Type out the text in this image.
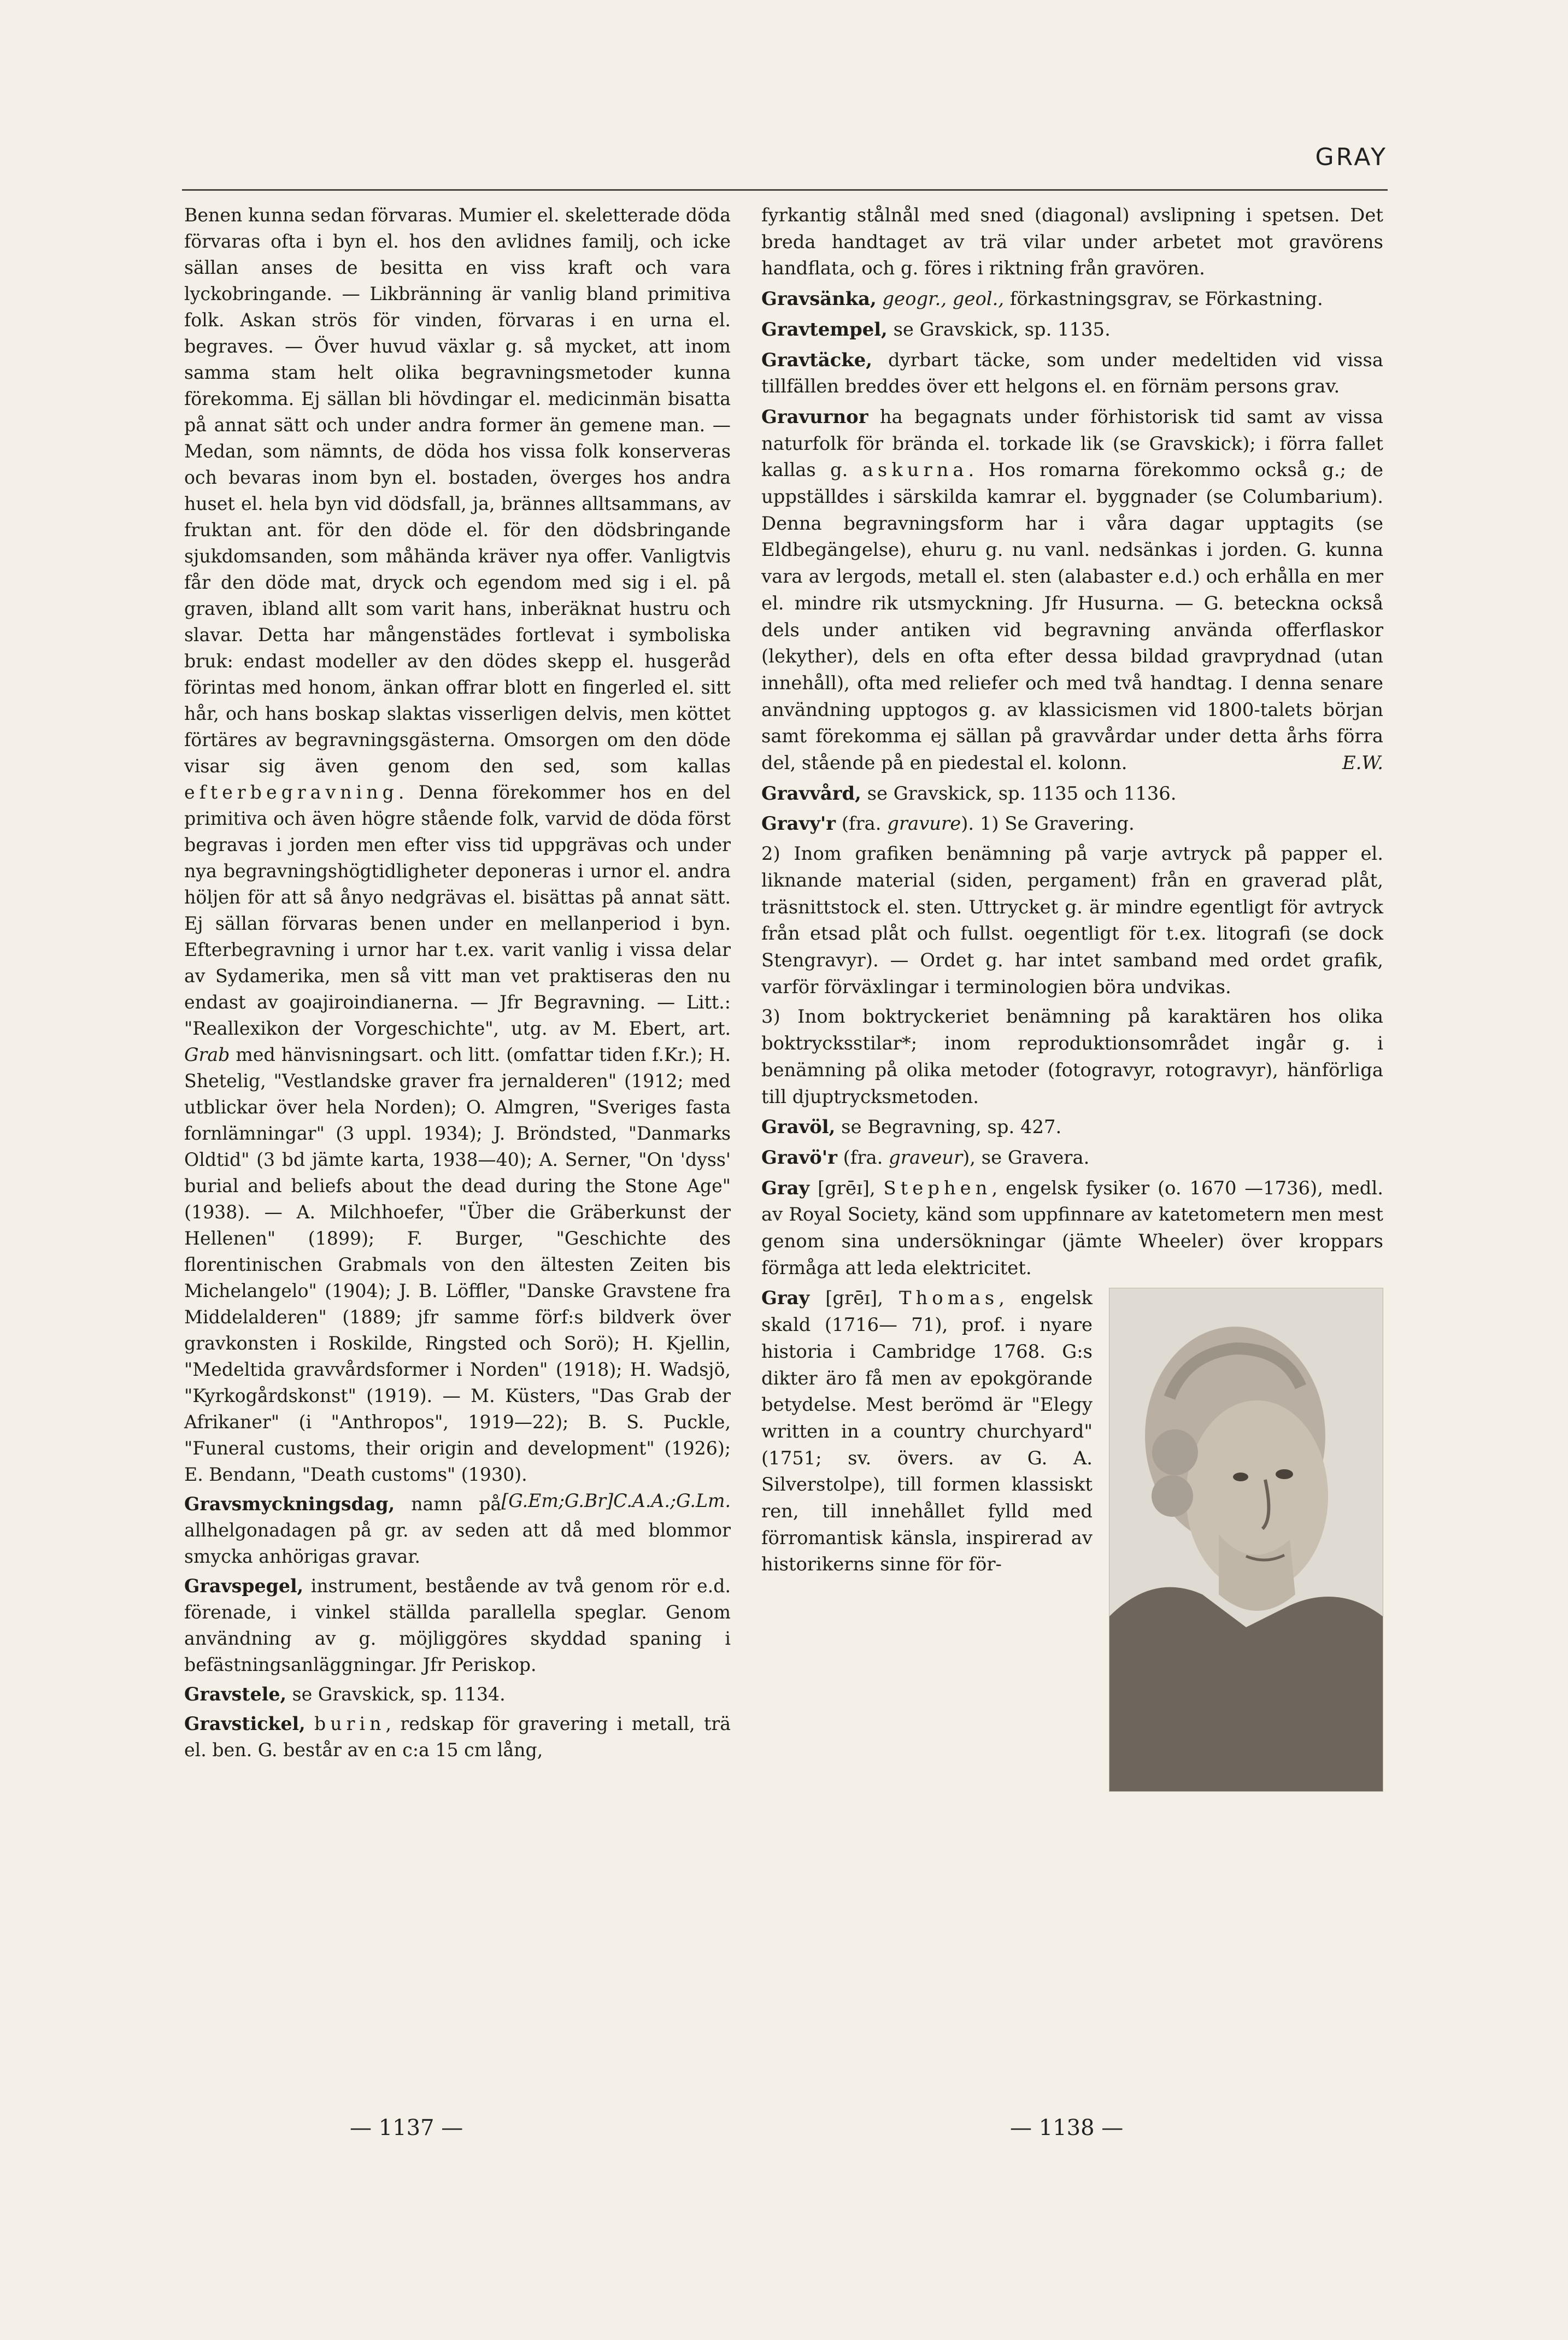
GRAY

Benen kunna sedan förvaras. Mumier el. skeletterade döda förvaras ofta i byn el. hos den avlidnes familj, och icke sällan anses de besitta en viss kraft och vara lyckobringande. — Likbränning är vanlig bland primitiva folk. Askan strös för vinden, förvaras i en urna el. begraves. — Över huvud växlar g. så mycket, att inom samma stam helt olika begravningsmetoder kunna förekomma. Ej sällan bli hövdingar el. medicinmän bisatta på annat sätt och under andra former än gemene man. — Medan, som nämnts, de döda hos vissa folk konserveras och bevaras inom byn el. bostaden, överges hos andra huset el. hela byn vid dödsfall, ja, brännes alltsammans, av fruktan ant. för den döde el. för den dödsbringande sjukdomsanden, som måhända kräver nya offer. Vanligtvis får den döde mat, dryck och egendom med sig i el. på graven, ibland allt som varit hans, inberäknat hustru och slavar. Detta har mångenstädes fortlevat i symboliska bruk: endast modeller av den dödes skepp el. husgeråd förintas med honom, änkan offrar blott en fingerled el. sitt hår, och hans boskap slaktas visserligen delvis, men köttet förtäres av begravningsgästerna. Omsorgen om den döde visar sig även genom den sed, som kallas efterbegravning. Denna förekommer hos en del primitiva och även högre stående folk, varvid de döda först begravas i jorden men efter viss tid uppgrävas och under nya begravningshögtidligheter deponeras i urnor el. andra höljen för att så ånyo nedgrävas el. bisättas på annat sätt. Ej sällan förvaras benen under en mellanperiod i byn. Efterbegravning i urnor har t.ex. varit vanlig i vissa delar av Sydamerika, men så vitt man vet praktiseras den nu endast av goajiroindianerna. — Jfr Begravning. — Litt.: "Reallexikon der Vorgeschichte", utg. av M. Ebert, art. Grab med hänvisningsart. och litt. (omfattar tiden f.Kr.); H. Shetelig, "Vestlandske graver fra jernalderen" (1912; med utblickar över hela Norden); O. Almgren, "Sveriges fasta fornlämningar" (3 uppl. 1934); J. Bröndsted, "Danmarks Oldtid" (3 bd jämte karta, 1938—40); A. Serner, "On 'dyss' burial and beliefs about the dead during the Stone Age" (1938). — A. Milchhoefer, "Über die Gräberkunst der Hellenen" (1899); F. Burger, "Geschichte des florentinischen Grabmals von den ältesten Zeiten bis Michelangelo" (1904); J. B. Löffler, "Danske Gravstene fra Middelalderen" (1889; jfr samme förf:s bildverk över gravkonsten i Roskilde, Ringsted och Sorö); H. Kjellin, "Medeltida gravvårdsformer i Norden" (1918); H. Wadsjö, "Kyrkogårdskonst" (1919). — M. Küsters, "Das Grab der Afrikaner" (i "Anthropos", 1919—22); B. S. Puckle, "Funeral customs, their origin and development" (1926); E. Bendann, "Death customs" (1930).
[G.Em;G.Br]C.A.A.;G.Lm.

Gravsmyckningsdag, namn på allhelgonadagen på gr. av seden att då med blommor smycka anhörigas gravar.

Gravspegel, instrument, bestående av två genom rör e.d. förenade, i vinkel ställda parallella speglar. Genom användning av g. möjliggöres skyddad spaning i befästningsanläggningar. Jfr Periskop.

Gravstele, se Gravskick, sp. 1134.

Gravstickel, burin, redskap för gravering i metall, trä el. ben. G. består av en c:a 15 cm lång,

fyrkantig stålnål med sned (diagonal) avslipning i spetsen. Det breda handtaget av trä vilar under arbetet mot gravörens handflata, och g. föres i riktning från gravören.

Gravsänka, geogr., geol., förkastningsgrav, se Förkastning.

Gravtempel, se Gravskick, sp. 1135.

Gravtäcke, dyrbart täcke, som under medeltiden vid vissa tillfällen breddes över ett helgons el. en förnäm persons grav.

Gravurnor ha begagnats under förhistorisk tid samt av vissa naturfolk för brända el. torkade lik (se Gravskick); i förra fallet kallas g. askurna. Hos romarna förekommo också g.; de uppställdes i särskilda kamrar el. byggnader (se Columbarium). Denna begravningsform har i våra dagar upptagits (se Eldbegängelse), ehuru g. nu vanl. nedsänkas i jorden. G. kunna vara av lergods, metall el. sten (alabaster e.d.) och erhålla en mer el. mindre rik utsmyckning. Jfr Husurna. — G. beteckna också dels under antiken vid begravning använda offerflaskor (lekyther), dels en ofta efter dessa bildad gravprydnad (utan innehåll), ofta med reliefer och med två handtag. I denna senare användning upptogos g. av klassicismen vid 1800-talets början samt förekomma ej sällan på gravvårdar under detta århs förra del, stående på en piedestal el. kolonn.	E.W.

Gravvård, se Gravskick, sp. 1135 och 1136.

Gravy'r (fra. gravure). 1) Se Gravering.

2) Inom grafiken benämning på varje avtryck på papper el. liknande material (siden, pergament) från en graverad plåt, träsnittstock el. sten. Uttrycket g. är mindre egentligt för avtryck från etsad plåt och fullst. oegentligt för t.ex. litografi (se dock Stengravyr). — Ordet g. har intet samband med ordet grafik, varför förväxlingar i terminologien böra undvikas.

3) Inom boktryckeriet benämning på karaktären hos olika boktrycksstilar*; inom reproduktionsområdet ingår g. i benämning på olika metoder (fotogravyr, rotogravyr), hänförliga till djuptrycksmetoden.

Gravöl, se Begravning, sp. 427.

Gravö'r (fra. graveur), se Gravera.

Gray [grēɪ], Stephen, engelsk fysiker (o. 1670 —1736), medl. av Royal Society, känd som uppfinnare av katetometern men mest genom sina undersökningar (jämte Wheeler) över kroppars förmåga att leda elektricitet.

Gray [grēɪ], Thomas, engelsk skald (1716— 71), prof. i nyare historia i Cambridge 1768. G:s dikter äro få men av epokgörande betydelse. Mest berömd är "Elegy written in a country churchyard" (1751; sv. övers. av G. A. Silverstolpe), till formen klassiskt ren, till innehållet fylld med förromantisk känsla, inspirerad av historikerns sinne för för-

— 1137 —	— 1138 —
